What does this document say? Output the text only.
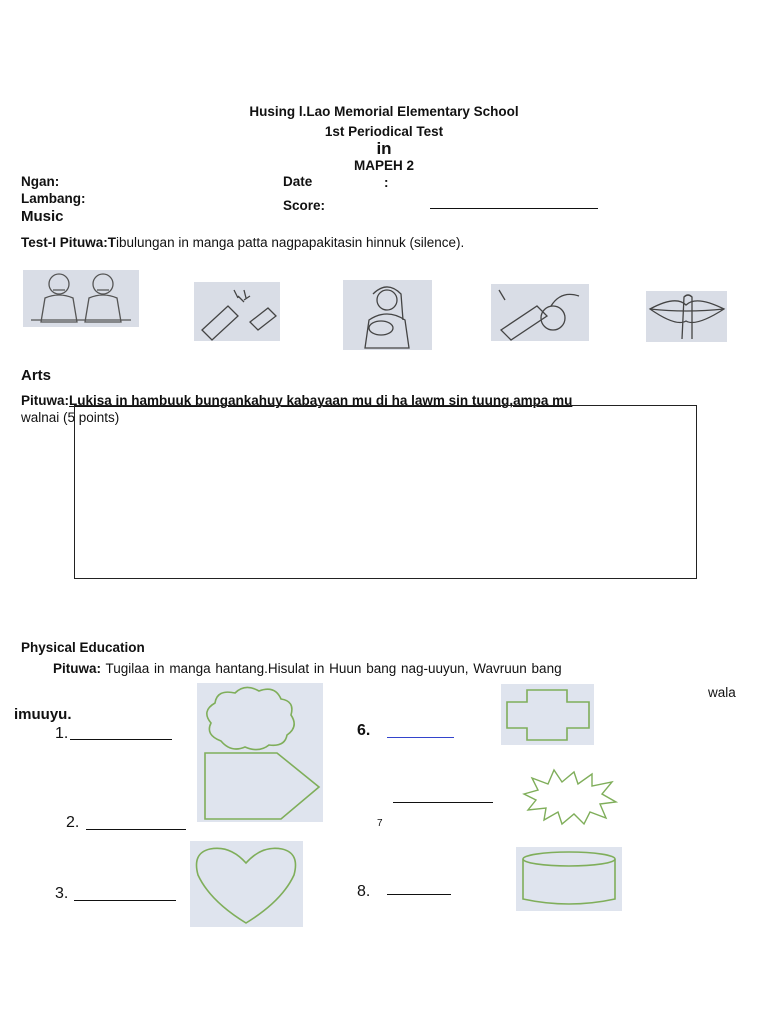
Husing l.Lao Memorial Elementary School
1st Periodical Test
in
MAPEH 2
Ngan:	Date	:
Lambang:	Score:
Music
Test-I Pituwa:Tibulungan in manga patta nagpapakitasin hinnuk (silence).
Arts
Pituwa:Lukisa in hambuuk bungankahuy kabayaan mu di ha lawm sin tuung,ampa mu
walnai (5 points)
Physical Education
Pituwa: Tugilaa in manga hantang.Hisulat in Huun bang nag-uuyun, Wavruun bang
wala
imuuyu.
1.
2.
3.
6.
7
8.
